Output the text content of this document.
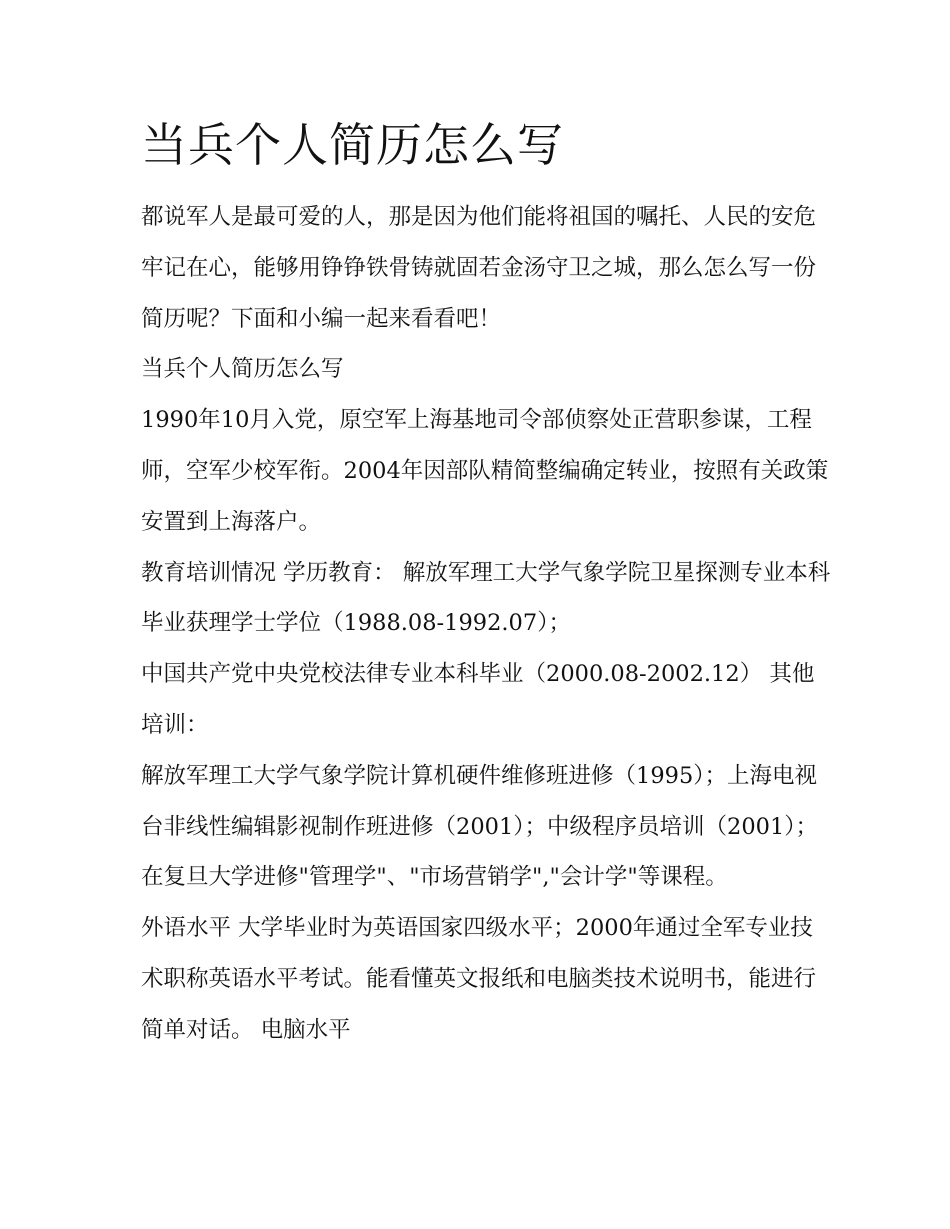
当兵个人简历怎么写

都说军人是最可爱的人，那是因为他们能将祖国的嘱托、人民的安危牢记在心，能够用铮铮铁骨铸就固若金汤守卫之城，那么怎么写一份简历呢？下面和小编一起来看看吧！

当兵个人简历怎么写

1990年10月入党，原空军上海基地司令部侦察处正营职参谋，工程师，空军少校军衔。2004年因部队精简整编确定转业，按照有关政策安置到上海落户。

教育培训情况 学历教育： 解放军理工大学气象学院卫星探测专业本科毕业获理学士学位（1988.08-1992.07）；

中国共产党中央党校法律专业本科毕业（2000.08-2002.12） 其他培训：

解放军理工大学气象学院计算机硬件维修班进修（1995）；上海电视台非线性编辑影视制作班进修（2001）；中级程序员培训（2001）；在复旦大学进修"管理学"、"市场营销学","会计学"等课程。

外语水平 大学毕业时为英语国家四级水平；2000年通过全军专业技术职称英语水平考试。能看懂英文报纸和电脑类技术说明书，能进行简单对话。 电脑水平
